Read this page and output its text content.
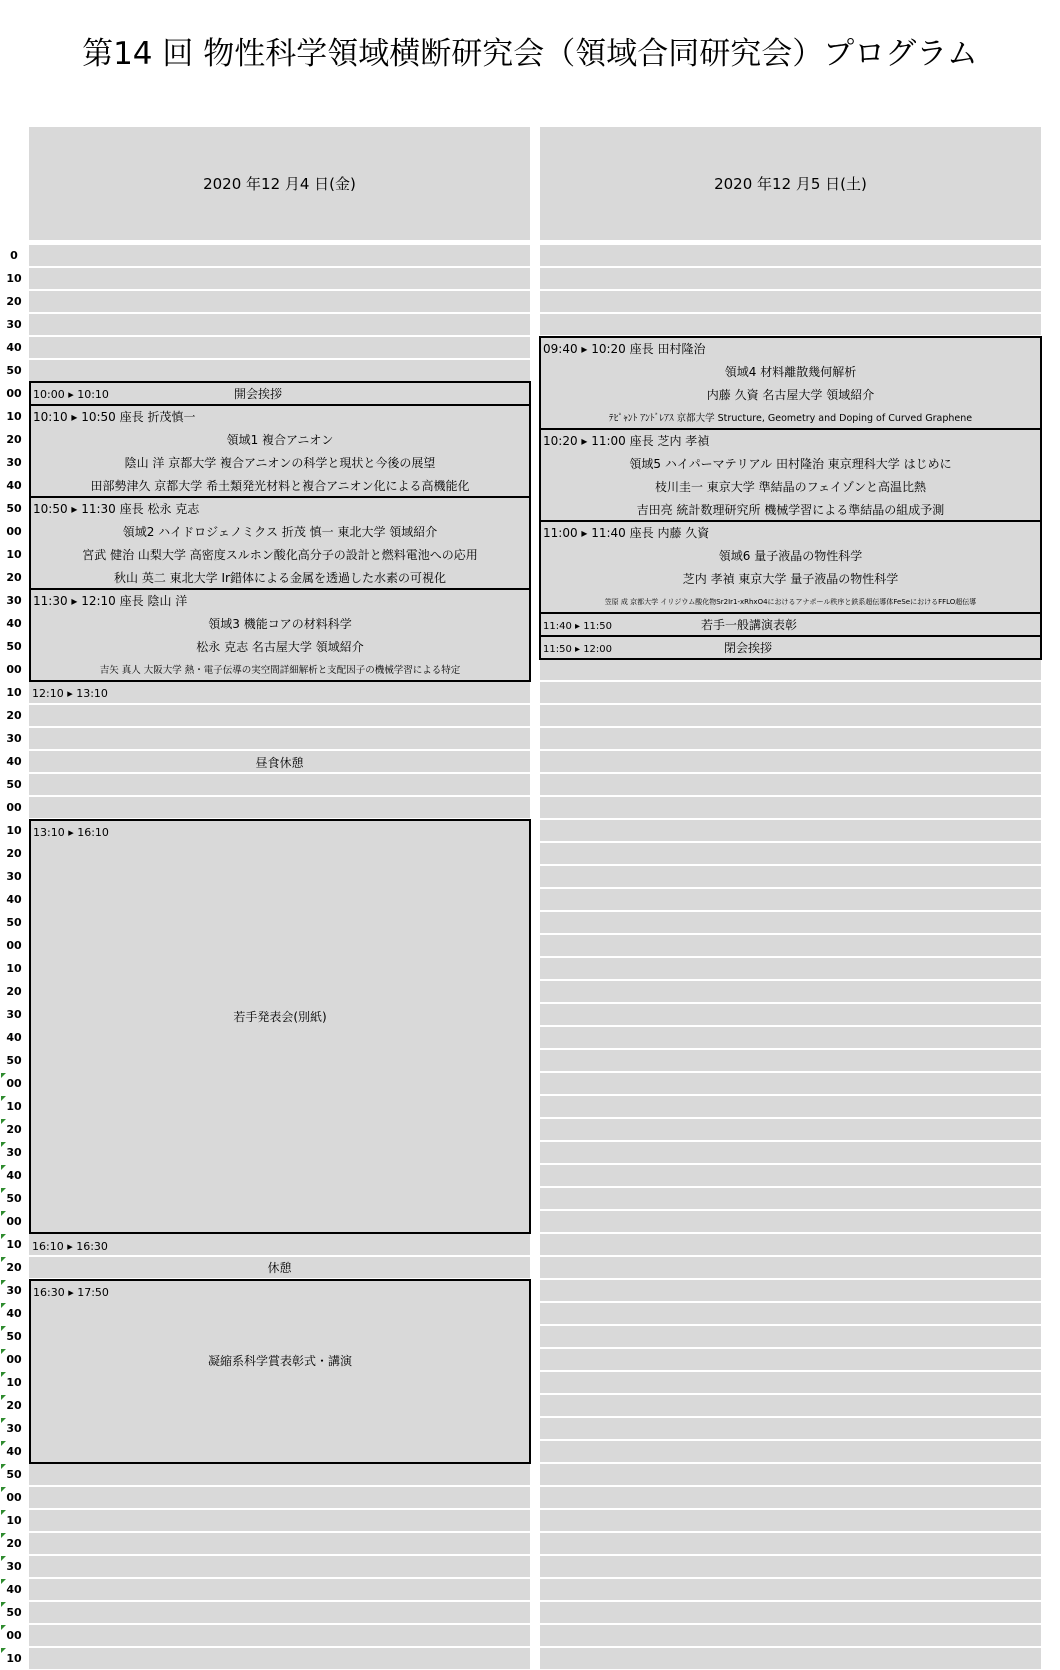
第14 回 物性科学領域横断研究会（領域合同研究会）プログラム
2020 年12 月4 日(金)	2020 年12 月5 日(土)
0
10
20
30
40
50
00
10
20
30
40
50
00
10
20
30
40
50
00
10
20
30
40
50
00
10
20
30
40
50
00
10
20
30
40
50
00
10
20
30
40
50
00
10
20
30
40
50
00
10
20
30
40
50
00
10
20
30
40
50
00
10
10:00 ▸ 10:10	開会挨拶
10:10 ▸ 10:50 座長 折茂慎一
領域1 複合アニオン
陰山 洋 京都大学 複合アニオンの科学と現状と今後の展望
田部勢津久 京都大学 希土類発光材料と複合アニオン化による高機能化
10:50 ▸ 11:30 座長 松永 克志
領域2 ハイドロジェノミクス 折茂 慎一 東北大学 領域紹介
宮武 健治 山梨大学 高密度スルホン酸化高分子の設計と燃料電池への応用
秋山 英二 東北大学 Ir錯体による金属を透過した水素の可視化
11:30 ▸ 12:10 座長 陰山 洋
領域3 機能コアの材料科学
松永 克志 名古屋大学 領域紹介
吉矢 真人 大阪大学 熱・電子伝導の実空間詳細解析と支配因子の機械学習による特定
12:10 ▸ 13:10
昼食休憩
13:10 ▸ 16:10
若手発表会(別紙)
16:10 ▸ 16:30
休憩
16:30 ▸ 17:50
凝縮系科学賞表彰式・講演
09:40 ▸ 10:20 座長 田村隆治
領域4 材料離散幾何解析
内藤 久資 名古屋大学 領域紹介
ﾃﾋﾟｬﾝﾄ ｱﾝﾄﾞﾚｱｽ 京都大学 Structure, Geometry and Doping of Curved Graphene
10:20 ▸ 11:00 座長 芝内 孝禎
領域5 ハイパーマテリアル 田村隆治 東京理科大学 はじめに
枝川圭一 東京大学 準結晶のフェイゾンと高温比熱
吉田亮 統計数理研究所 機械学習による準結晶の組成予測
11:00 ▸ 11:40 座長 内藤 久資
領域6 量子液晶の物性科学
芝内 孝禎 東京大学 量子液晶の物性科学
笠原 成 京都大学 イリジウム酸化物Sr2Ir1-xRhxO4におけるアナポール秩序と鉄系超伝導体FeSeにおけるFFLO超伝導
11:40 ▸ 11:50	若手一般講演表彰
11:50 ▸ 12:00	閉会挨拶
